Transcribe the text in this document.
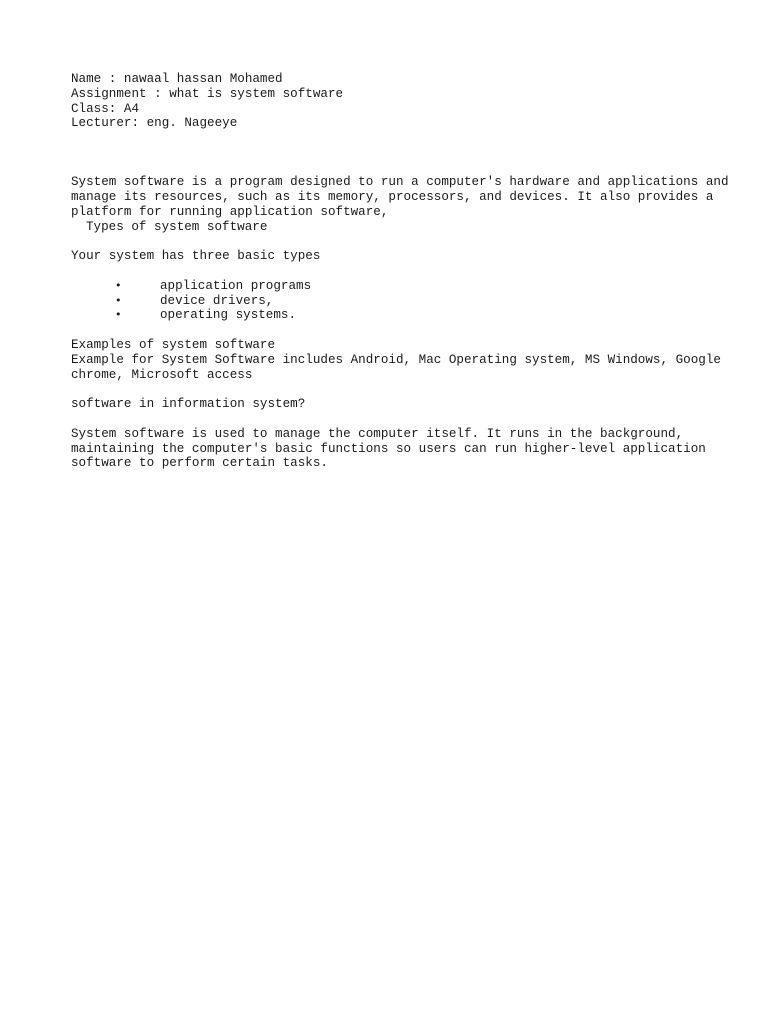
Name : nawaal hassan Mohamed
Assignment : what is system software
Class: A4
Lecturer: eng. Nageeye
System software is a program designed to run a computer's hardware and applications and manage its resources, such as its memory, processors, and devices. It also provides a platform for running application software,
Types of system software
Your system has three basic types
•	application programs
•	device drivers,
•	operating systems.
Examples of system software
Example for System Software includes Android, Mac Operating system, MS Windows, Google chrome, Microsoft access
software in information system?
System software is used to manage the computer itself. It runs in the background, maintaining the computer's basic functions so users can run higher-level application software to perform certain tasks.
